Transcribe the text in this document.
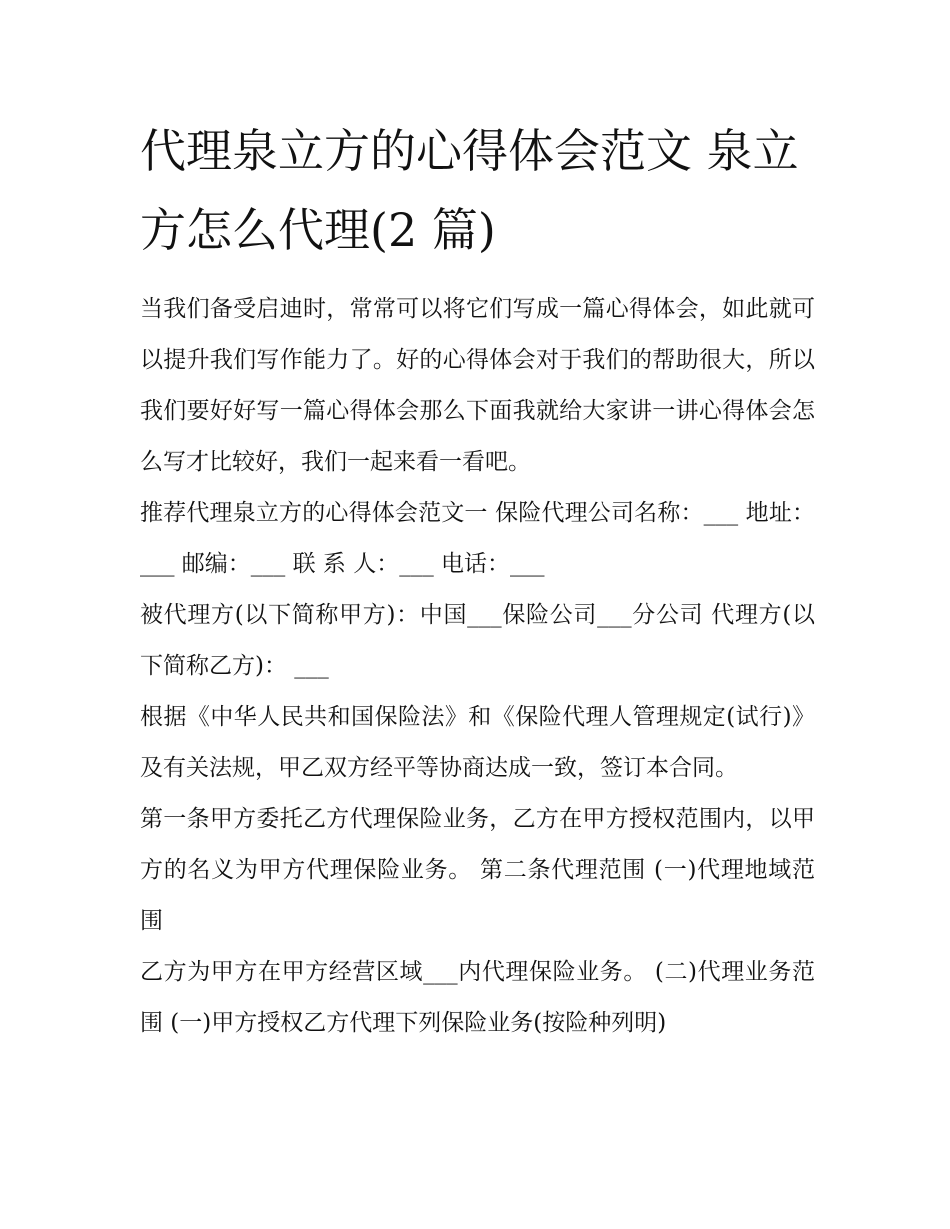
代理泉立方的心得体会范文 泉立方怎么代理(2 篇)

当我们备受启迪时，常常可以将它们写成一篇心得体会，如此就可以提升我们写作能力了。好的心得体会对于我们的帮助很大，所以我们要好好写一篇心得体会那么下面我就给大家讲一讲心得体会怎么写才比较好，我们一起来看一看吧。

推荐代理泉立方的心得体会范文一 保险代理公司名称：___ 地址：___ 邮编：___ 联 系 人：___ 电话：___

被代理方(以下简称甲方)：中国___保险公司___分公司 代理方(以下简称乙方)： ___

根据《中华人民共和国保险法》和《保险代理人管理规定(试行)》及有关法规，甲乙双方经平等协商达成一致，签订本合同。

第一条甲方委托乙方代理保险业务，乙方在甲方授权范围内，以甲方的名义为甲方代理保险业务。 第二条代理范围 (一)代理地域范围

乙方为甲方在甲方经营区域___内代理保险业务。 (二)代理业务范围 (一)甲方授权乙方代理下列保险业务(按险种列明)
